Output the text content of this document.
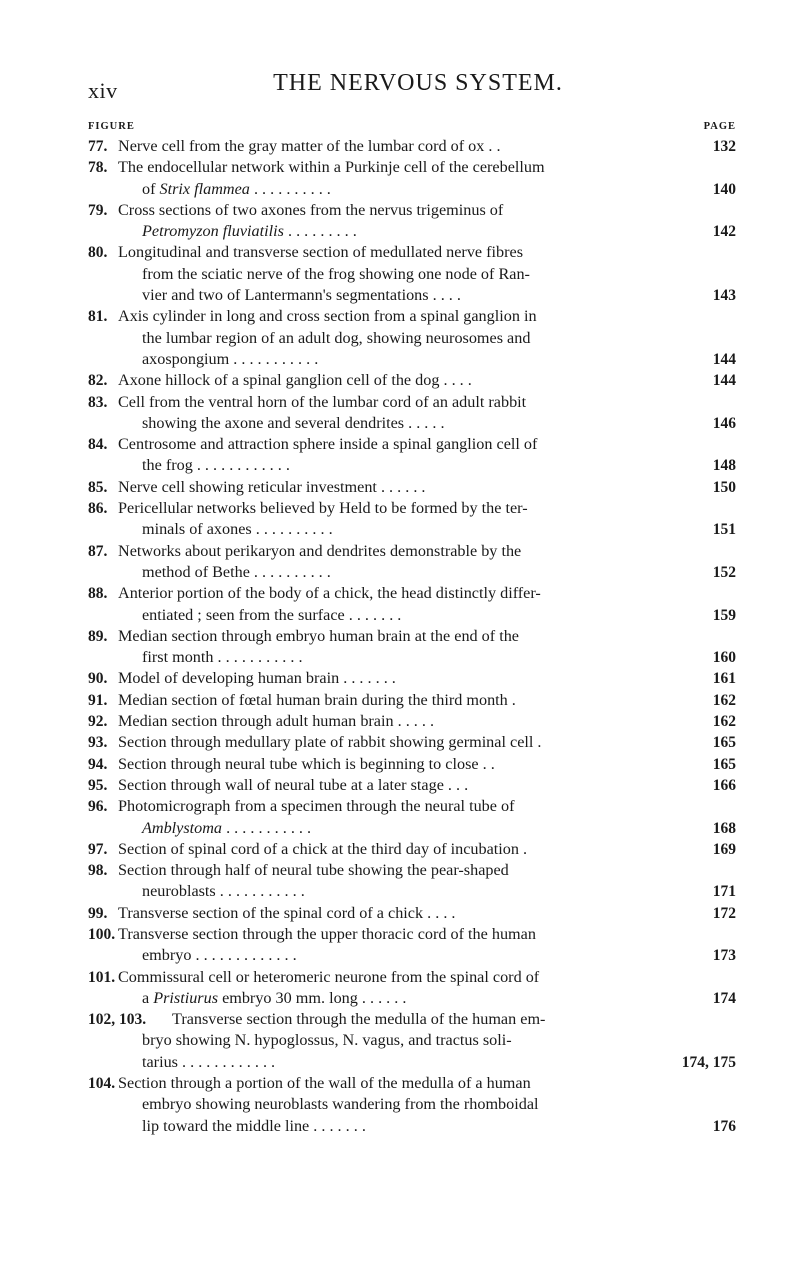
xiv	THE NERVOUS SYSTEM.
FIGURE	PAGE
77. Nerve cell from the gray matter of the lumbar cord of ox . .	132
78. The endocellular network within a Purkinje cell of the cerebellum
of Strix flammea . . . . . . . . . .	140
79. Cross sections of two axones from the nervus trigeminus of
Petromyzon fluviatilis . . . . . . . . .	142
80. Longitudinal and transverse section of medullated nerve fibres
from the sciatic nerve of the frog showing one node of Ran-
vier and two of Lantermann's segmentations . . . .	143
81. Axis cylinder in long and cross section from a spinal ganglion in
the lumbar region of an adult dog, showing neurosomes and
axospongium . . . . . . . . . . .	144
82. Axone hillock of a spinal ganglion cell of the dog . . . .	144
83. Cell from the ventral horn of the lumbar cord of an adult rabbit
showing the axone and several dendrites . . . . .	146
84. Centrosome and attraction sphere inside a spinal ganglion cell of
the frog . . . . . . . . . . . .	148
85. Nerve cell showing reticular investment . . . . . .	150
86. Pericellular networks believed by Held to be formed by the ter-
minals of axones . . . . . . . . . .	151
87. Networks about perikaryon and dendrites demonstrable by the
method of Bethe . . . . . . . . . .	152
88. Anterior portion of the body of a chick, the head distinctly differ-
entiated ; seen from the surface . . . . . . .	159
89. Median section through embryo human brain at the end of the
first month . . . . . . . . . . .	160
90. Model of developing human brain . . . . . . .	161
91. Median section of fœtal human brain during the third month .	162
92. Median section through adult human brain . . . . .	162
93. Section through medullary plate of rabbit showing germinal cell .	165
94. Section through neural tube which is beginning to close . .	165
95. Section through wall of neural tube at a later stage . . .	166
96. Photomicrograph from a specimen through the neural tube of
Amblystoma . . . . . . . . . . .	168
97. Section of spinal cord of a chick at the third day of incubation .	169
98. Section through half of neural tube showing the pear-shaped
neuroblasts . . . . . . . . . . .	171
99. Transverse section of the spinal cord of a chick . . . .	172
100. Transverse section through the upper thoracic cord of the human
embryo . . . . . . . . . . . . .	173
101. Commissural cell or heteromeric neurone from the spinal cord of
a Pristiurus embryo 30 mm. long . . . . . .	174
102, 103. Transverse section through the medulla of the human em-
bryo showing N. hypoglossus, N. vagus, and tractus soli-
tarius . . . . . . . . . . . .	174, 175
104. Section through a portion of the wall of the medulla of a human
embryo showing neuroblasts wandering from the rhomboidal
lip toward the middle line . . . . . . .	176
